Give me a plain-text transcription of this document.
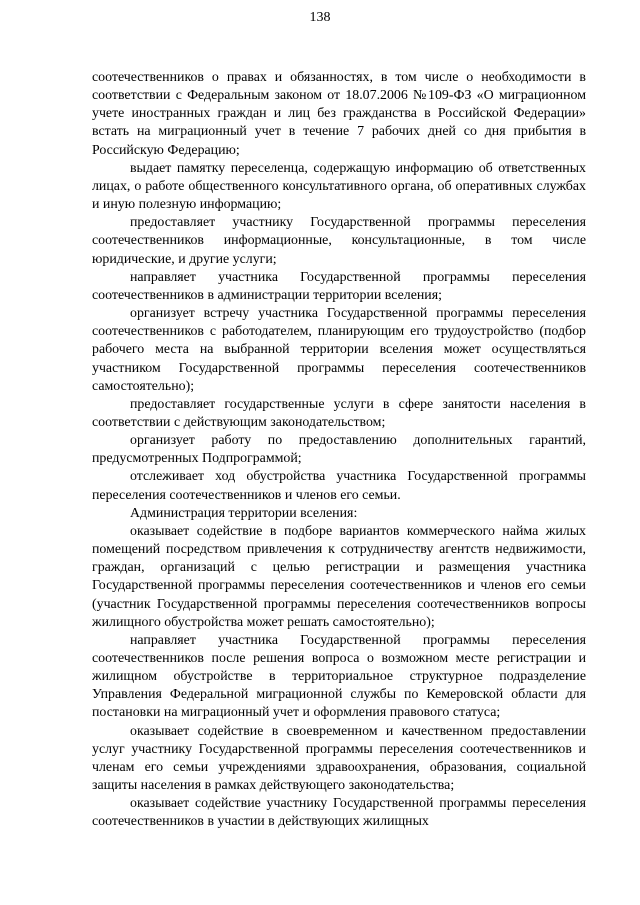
138

соотечественников о правах и обязанностях, в том числе о необходимости в соответствии с Федеральным законом от 18.07.2006 №109-ФЗ «О миграционном учете иностранных граждан и лиц без гражданства в Российской Федерации» встать на миграционный учет в течение 7 рабочих дней со дня прибытия в Российскую Федерацию;

выдает памятку переселенца, содержащую информацию об ответственных лицах, о работе общественного консультативного органа, об оперативных службах и иную полезную информацию;

предоставляет участнику Государственной программы переселения соотечественников информационные, консультационные, в том числе юридические, и другие услуги;

направляет участника Государственной программы переселения соотечественников в администрации территории вселения;

организует встречу участника Государственной программы переселения соотечественников с работодателем, планирующим его трудоустройство (подбор рабочего места на выбранной территории вселения может осуществляться участником Государственной программы переселения соотечественников самостоятельно);

предоставляет государственные услуги в сфере занятости населения в соответствии с действующим законодательством;

организует работу по предоставлению дополнительных гарантий, предусмотренных Подпрограммой;

отслеживает ход обустройства участника Государственной программы переселения соотечественников и членов его семьи.

Администрация территории вселения:

оказывает содействие в подборе вариантов коммерческого найма жилых помещений посредством привлечения к сотрудничеству агентств недвижимости, граждан, организаций с целью регистрации и размещения участника Государственной программы переселения соотечественников и членов его семьи (участник Государственной программы переселения соотечественников вопросы жилищного обустройства может решать самостоятельно);

направляет участника Государственной программы переселения соотечественников после решения вопроса о возможном месте регистрации и жилищном обустройстве в территориальное структурное подразделение Управления Федеральной миграционной службы по Кемеровской области для постановки на миграционный учет и оформления правового статуса;

оказывает содействие в своевременном и качественном предоставлении услуг участнику Государственной программы переселения соотечественников и членам его семьи учреждениями здравоохранения, образования, социальной защиты населения в рамках действующего законодательства;

оказывает содействие участнику Государственной программы переселения соотечественников в участии в действующих жилищных
